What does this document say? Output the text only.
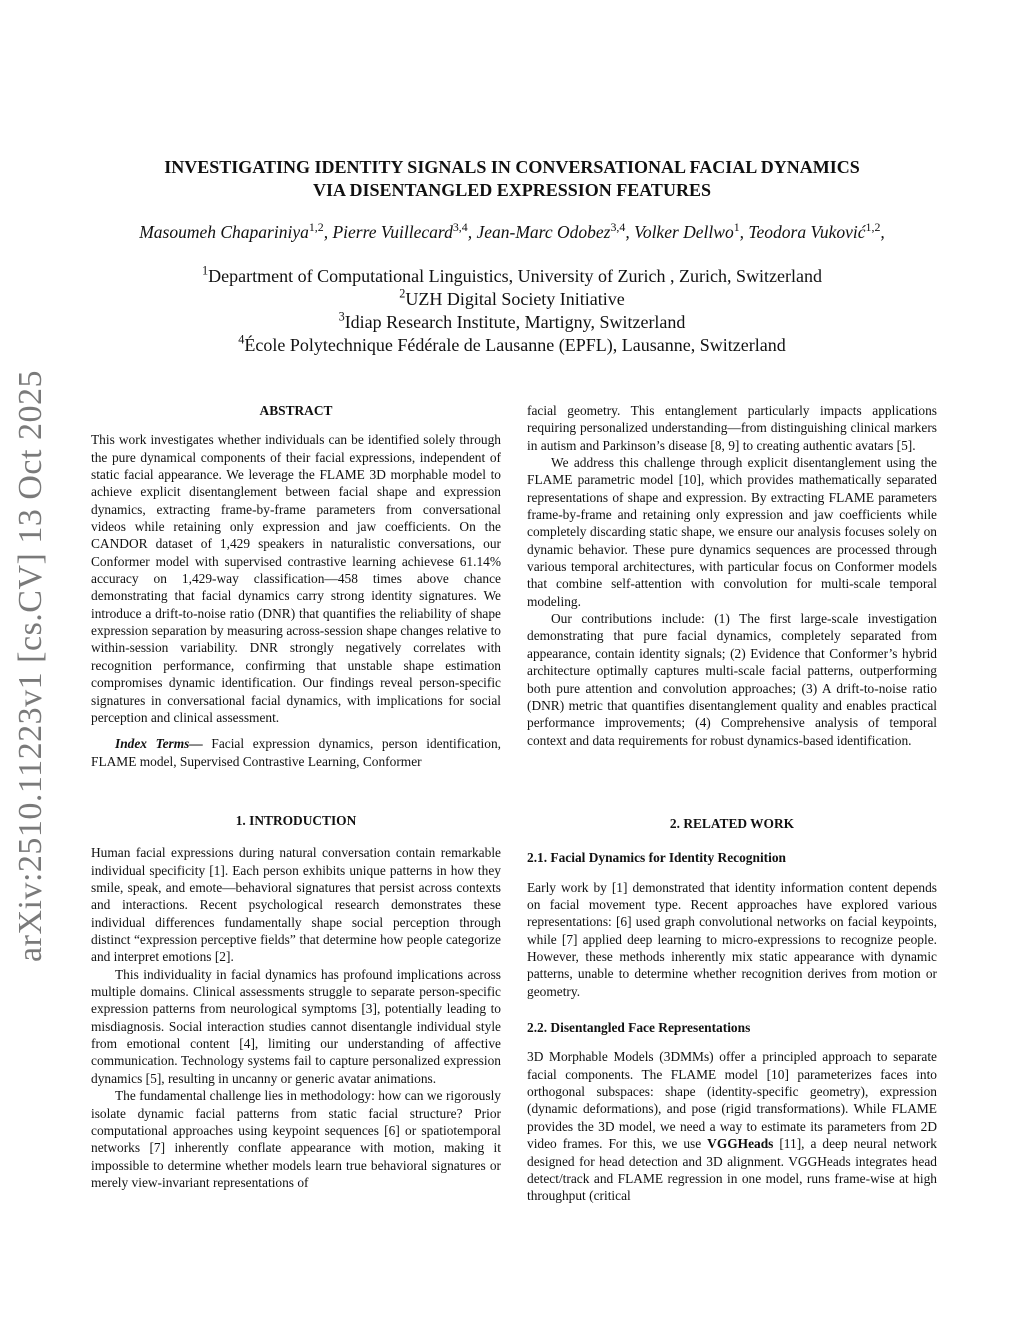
arXiv:2510.11223v1 [cs.CV] 13 Oct 2025
INVESTIGATING IDENTITY SIGNALS IN CONVERSATIONAL FACIAL DYNAMICS
VIA DISENTANGLED EXPRESSION FEATURES
Masoumeh Chapariniya$^{1,2}$, Pierre Vuillecard$^{3,4}$, Jean-Marc Odobez$^{3,4}$, Volker Dellwo$^1$, Teodora Vuković$^{1,2}$,
$^1$Department of Computational Linguistics, University of Zurich , Zurich, Switzerland
$^2$UZH Digital Society Initiative
$^3$Idiap Research Institute, Martigny, Switzerland
$^4$École Polytechnique Fédérale de Lausanne (EPFL), Lausanne, Switzerland
ABSTRACT

This work investigates whether individuals can be identified solely through the pure dynamical components of their facial expressions, independent of static facial appearance. We leverage the FLAME 3D morphable model to achieve explicit disentanglement between facial shape and expression dynamics, extracting frame-by-frame parameters from conversational videos while retaining only expression and jaw coefficients. On the CANDOR dataset of 1,429 speakers in naturalistic conversations, our Conformer model with supervised contrastive learning achievese 61.14% accuracy on 1,429-way classification—458 times above chance demonstrating that facial dynamics carry strong identity signatures. We introduce a drift-to-noise ratio (DNR) that quantifies the reliability of shape expression separation by measuring across-session shape changes relative to within-session variability. DNR strongly negatively correlates with recognition performance, confirming that unstable shape estimation compromises dynamic identification. Our findings reveal person-specific signatures in conversational facial dynamics, with implications for social perception and clinical assessment.

Index Terms— Facial expression dynamics, person identification, FLAME model, Supervised Contrastive Learning, Conformer

1. INTRODUCTION

Human facial expressions during natural conversation contain remarkable individual specificity [1]. Each person exhibits unique patterns in how they smile, speak, and emote—behavioral signatures that persist across contexts and interactions. Recent psychological research demonstrates these individual differences fundamentally shape social perception through distinct “expression perceptive fields” that determine how people categorize and interpret emotions [2].

This individuality in facial dynamics has profound implications across multiple domains. Clinical assessments struggle to separate person-specific expression patterns from neurological symptoms [3], potentially leading to misdiagnosis. Social interaction studies cannot disentangle individual style from emotional content [4], limiting our understanding of affective communication. Technology systems fail to capture personalized expression dynamics [5], resulting in uncanny or generic avatar animations.

The fundamental challenge lies in methodology: how can we rigorously isolate dynamic facial patterns from static facial structure? Prior computational approaches using keypoint sequences [6] or spatiotemporal networks [7] inherently conflate appearance with motion, making it impossible to determine whether models learn true behavioral signatures or merely view-invariant representations of

facial geometry. This entanglement particularly impacts applications requiring personalized understanding—from distinguishing clinical markers in autism and Parkinson’s disease [8, 9] to creating authentic avatars [5].

We address this challenge through explicit disentanglement using the FLAME parametric model [10], which provides mathematically separated representations of shape and expression. By extracting FLAME parameters frame-by-frame and retaining only expression and jaw coefficients while completely discarding static shape, we ensure our analysis focuses solely on dynamic behavior. These pure dynamics sequences are processed through various temporal architectures, with particular focus on Conformer models that combine self-attention with convolution for multi-scale temporal modeling.

Our contributions include: (1) The first large-scale investigation demonstrating that pure facial dynamics, completely separated from appearance, contain identity signals; (2) Evidence that Conformer’s hybrid architecture optimally captures multi-scale facial patterns, outperforming both pure attention and convolution approaches; (3) A drift-to-noise ratio (DNR) metric that quantifies disentanglement quality and enables practical performance improvements; (4) Comprehensive analysis of temporal context and data requirements for robust dynamics-based identification.

2. RELATED WORK
2.1. Facial Dynamics for Identity Recognition

Early work by [1] demonstrated that identity information content depends on facial movement type. Recent approaches have explored various representations: [6] used graph convolutional networks on facial keypoints, while [7] applied deep learning to micro-expressions to recognize people. However, these methods inherently mix static appearance with dynamic patterns, unable to determine whether recognition derives from motion or geometry.

2.2. Disentangled Face Representations

3D Morphable Models (3DMMs) offer a principled approach to separate facial components. The FLAME model [10] parameterizes faces into orthogonal subspaces: shape (identity-specific geometry), expression (dynamic deformations), and pose (rigid transformations). While FLAME provides the 3D model, we need a way to estimate its parameters from 2D video frames. For this, we use VGGHeads [11], a deep neural network designed for head detection and 3D alignment. VGGHeads integrates head detect/track and FLAME regression in one model, runs frame-wise at high throughput (critical
